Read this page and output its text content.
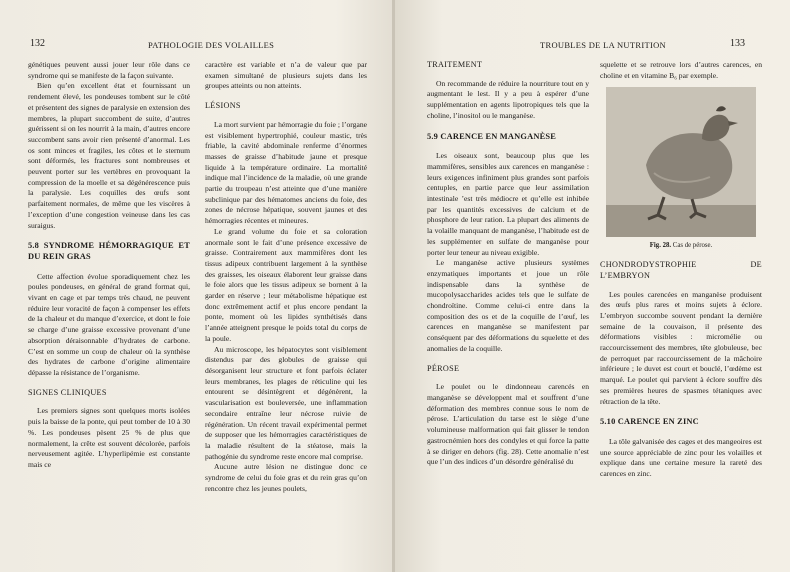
132	PATHOLOGIE DES VOLAILLES

génétiques peuvent aussi jouer leur rôle dans ce syndrome qui se manifeste de la façon suivante.

Bien qu’en excellent état et fournissant un rendement élevé, les pondeuses tombent sur le côté et présentent des signes de paralysie en extension des membres, la plupart succombent de suite, d’autres guérissent si on les nourrit à la main, d’autres encore succombent sans avoir rien présenté d’anormal. Les os sont minces et fragiles, les côtes et le sternum sont déformés, les fractures sont nombreuses et peuvent porter sur les vertèbres en provoquant la compression de la moelle et sa dégénérescence puis la paralysie. Les coquilles des œufs sont parfaitement normales, de même que les viscères à l’exception d’une congestion veineuse dans les cas suraigus.

5.8 SYNDROME HÉMORRAGIQUE ET DU REIN GRAS

Cette affection évolue sporadiquement chez les poules pondeuses, en général de grand format qui, vivant en cage et par temps très chaud, ne peuvent réduire leur voracité de façon à compenser les effets de la chaleur et du manque d’exercice, et dont le foie se charge d’une graisse excessive provenant d’une absorption déraisonnable d’hydrates de carbone. C’est en somme un coup de chaleur où la synthèse des hydrates de carbone d’origine alimentaire dépasse la résistance de l’organisme.

SIGNES CLINIQUES

Les premiers signes sont quelques morts isolées puis la baisse de la ponte, qui peut tomber de 10 à 30 %. Les pondeuses pèsent 25 % de plus que normalement, la crête est souvent décolorée, parfois nerveusement agitée. L’hyperlipémie est constante mais ce

caractère est variable et n’a de valeur que par examen simultané de plusieurs sujets dans les groupes atteints ou non atteints.

LÉSIONS

La mort survient par hémorragie du foie ; l’organe est visiblement hypertrophié, couleur mastic, très friable, la cavité abdominale renferme d’énormes masses de graisse d’habitude jaune et presque liquide à la température ordinaire. La mortalité indique mal l’incidence de la maladie, où une grande partie du troupeau n’est atteinte que d’une manière subclinique par des hématomes anciens du foie, des zones de nécrose hépatique, souvent jaunes et des hémorragies récentes et mineures.

Le grand volume du foie et sa coloration anormale sont le fait d’une présence excessive de graisse. Contrairement aux mammifères dont les tissus adipeux contribuent largement à la synthèse des graisses, les oiseaux élaborent leur graisse dans le foie alors que les tissus adipeux se bornent à la garder en réserve ; leur métabolisme hépatique est donc extrêmement actif et plus encore pendant la ponte, moment où les lipides synthétisés dans l’année atteignent presque le poids total du corps de la poule.

Au microscope, les hépatocytes sont visiblement distendus par des globules de graisse qui désorganisent leur structure et font parfois éclater leurs membranes, les plages de réticuline qui les entourent se désintègrent et dégénèrent, la vascularisation est bouleversée, une inflammation secondaire entraîne leur nécrose ruivie de régénération. Un récent travail expérimental permet de supposer que les hémorragies caractéristiques de la maladie résultent de la stéatose, mais la pathogénie du syndrome reste encore mal comprise.

Aucune autre lésion ne distingue donc ce syndrome de celui du foie gras et du rein gras qu’on rencontre chez les jeunes poulets,

TROUBLES DE LA NUTRITION	133
TRAITEMENT

On recommande de réduire la nourriture tout en y augmentant le lest. Il y a peu à espérer d’une supplémentation en agents lipotropiques tels que la choline, l’inositol ou le manganèse.

5.9 CARENCE EN MANGANÈSE

Les oiseaux sont, beaucoup plus que les mammifères, sensibles aux carences en manganèse : leurs exigences infiniment plus grandes sont parfois centuples, en partie parce que leur assimilation intestinale ’est très médiocre et qu’elle est inhibée par les quantités excessives de calcium et de phosphore de leur ration. La plupart des aliments de la volaille manquant de manganèse, l’habitude est de les supplémenter en sulfate de manganèse pour porter leur teneur au niveau exigible.

Le manganèse active plusieurs systèmes enzymatiques importants et joue un rôle indispensable dans la synthèse de mucopolysaccharides acides tels que le sulfate de chondroïtine. Comme celui-ci entre dans la composition des os et de la coquille de l’œuf, les carences en manganèse se manifestent par conséquent par des déformations du squelette et des anomalies de la coquille.

PÉROSE

Le poulet ou le dindonneau carencés en manganèse se développent mal et souffrent d’une déformation des membres connue sous le nom de pérose. L’articulation du tarse est le siège d’une volumineuse malformation qui fait glisser le tendon gastrocnémien hors des condyles et qui force la patte à se diriger en dehors (fig. 28). Cette anomalie n’est que l’un des indices d’un désordre généralisé du

squelette et se retrouve lors d’autres carences, en choline et en vitamine B₆ par exemple.

Fig. 28. Cas de pérose.
CHONDRODYSTROPHIE DE L’EMBRYON

Les poules carencées en manganèse produisent des œufs plus rares et moins sujets à éclore. L’embryon succombe souvent pendant la dernière semaine de la couvaison, il présente des déformations visibles : micromélie ou raccourcissement des membres, tête globuleuse, bec de perroquet par raccourcissement de la mâchoire inférieure ; le duvet est court et bouclé, l’œdème est marqué. Le poulet qui parvient à éclore souffre dès ses premières heures de spasmes tétaniques avec rétraction de la tête.

5.10 CARENCE EN ZINC

La tôle galvanisée des cages et des mangeoires est une source appréciable de zinc pour les volailles et explique dans une certaine mesure la rareté des carences en zinc.
